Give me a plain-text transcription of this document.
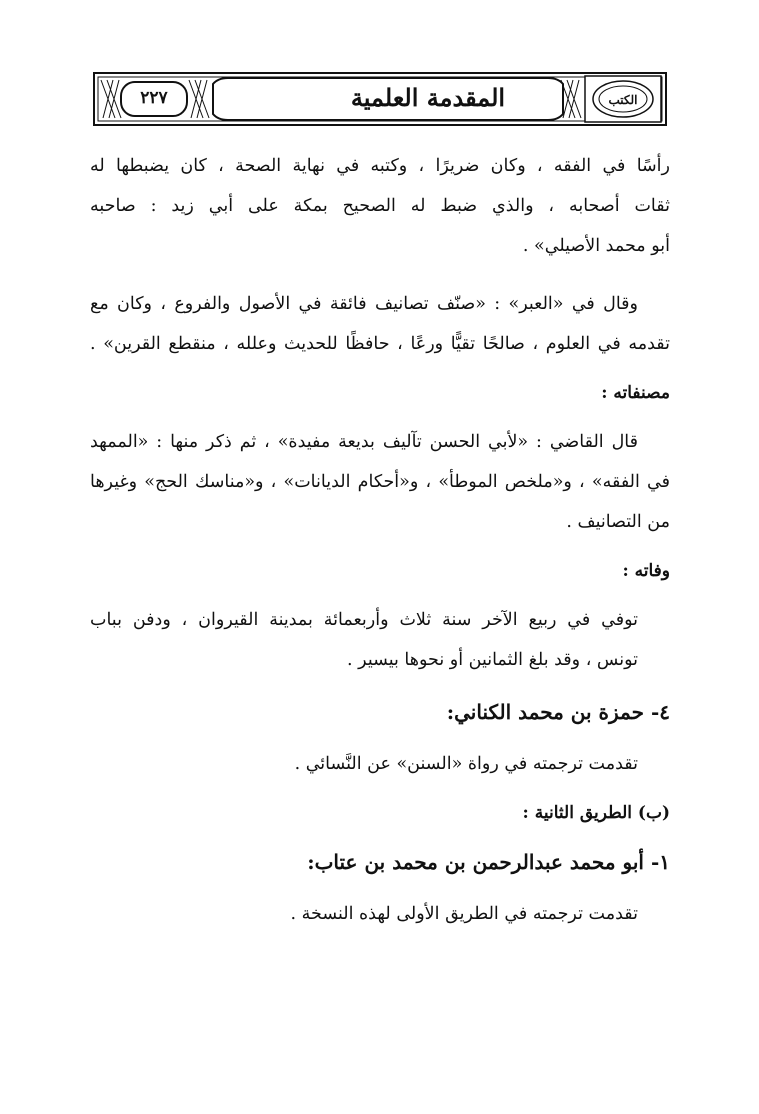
الكتب
٢٢٧	المقدمة العلمية

رأسًا في الفقه ، وكان ضريرًا ، وكتبه في نهاية الصحة ، كان يضبطها له
ثقات أصحابه ، والذي ضبط له الصحيح بمكة على أبي زيد : صاحبه
أبو محمد الأصيلي» .

وقال في «العبر» : «صنّف تصانيف فائقة في الأصول والفروع ، وكان مع
تقدمه في العلوم ، صالحًا تقيًّا ورعًا ، حافظًا للحديث وعلله ، منقطع القرين» .

مصنفاته :

قال القاضي : «لأبي الحسن تآليف بديعة مفيدة» ، ثم ذكر منها : «الممهد
في الفقه» ، و«ملخص الموطأ» ، و«أحكام الديانات» ، و«مناسك الحج» وغيرها
من التصانيف .

وفاته :

توفي في ربيع الآخر سنة ثلاث وأربعمائة بمدينة القيروان ، ودفن بباب
تونس ، وقد بلغ الثمانين أو نحوها بيسير .

٤- حمزة بن محمد الكناني:

تقدمت ترجمته في رواة «السنن» عن النَّسائي .

(ب) الطريق الثانية :

١- أبو محمد عبدالرحمن بن محمد بن عتاب:

تقدمت ترجمته في الطريق الأولى لهذه النسخة .
